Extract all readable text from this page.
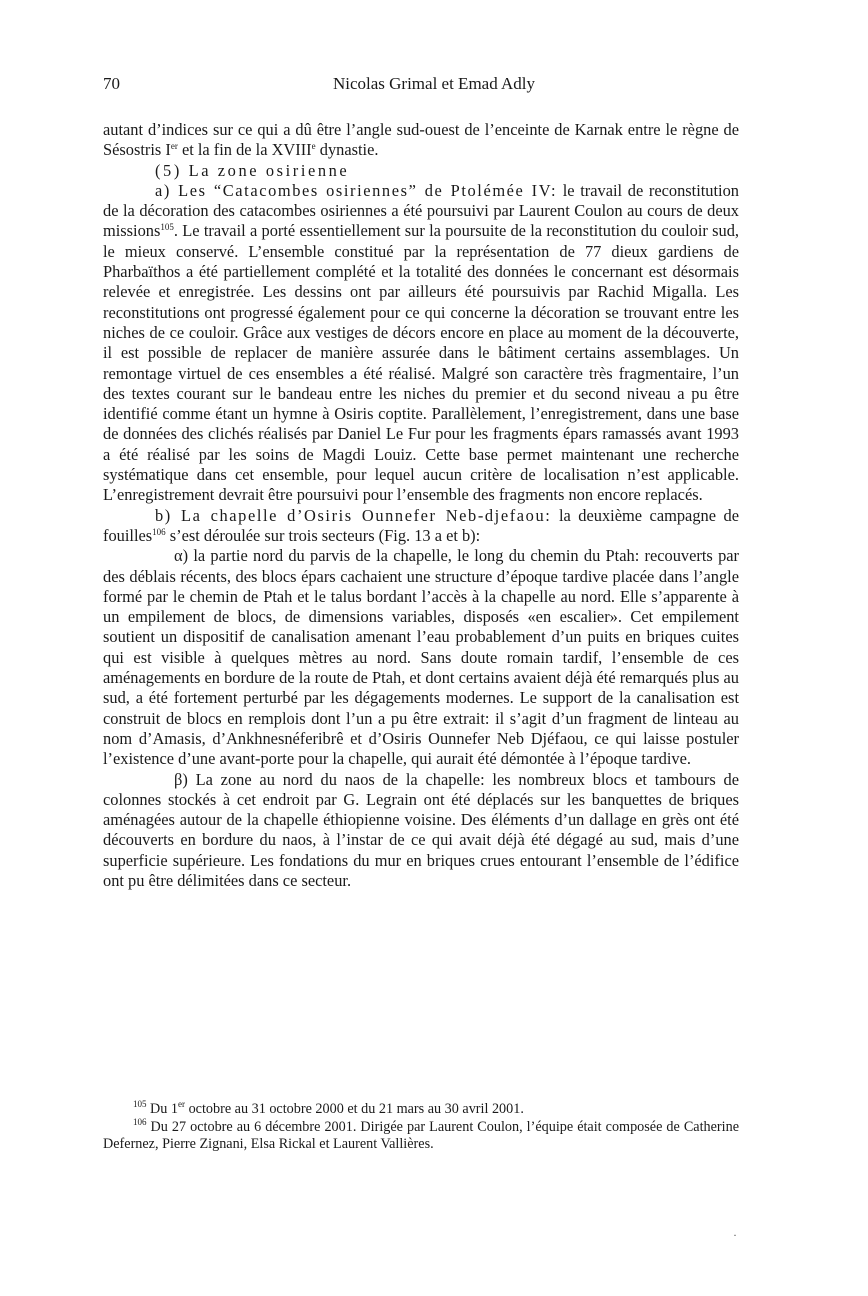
70	Nicolas Grimal et Emad Adly

autant d’indices sur ce qui a dû être l’angle sud-ouest de l’enceinte de Karnak entre le règne de Sésostris Ier et la fin de la XVIIIe dynastie.

(5) La zone osirienne

a) Les “Catacombes osiriennes” de Ptolémée IV: le travail de reconstitution de la décoration des catacombes osiriennes a été poursuivi par Laurent Coulon au cours de deux missions$^{105}$. Le travail a porté essentiellement sur la poursuite de la reconstitution du couloir sud, le mieux conservé. L’ensemble constitué par la représentation de 77 dieux gardiens de Pharbaïthos a été partiellement complété et la totalité des données le concernant est désormais relevée et enregistrée. Les dessins ont par ailleurs été poursuivis par Rachid Migalla. Les reconstitutions ont progressé également pour ce qui concerne la décoration se trouvant entre les niches de ce couloir. Grâce aux vestiges de décors encore en place au moment de la découverte, il est possible de replacer de manière assurée dans le bâtiment certains assemblages. Un remontage virtuel de ces ensembles a été réalisé. Malgré son caractère très fragmentaire, l’un des textes courant sur le bandeau entre les niches du premier et du second niveau a pu être identifié comme étant un hymne à Osiris coptite. Parallèlement, l’enregistrement, dans une base de données des clichés réalisés par Daniel Le Fur pour les fragments épars ramassés avant 1993 a été réalisé par les soins de Magdi Louiz. Cette base permet maintenant une recherche systématique dans cet ensemble, pour lequel aucun critère de localisation n’est applicable. L’enregistrement devrait être poursuivi pour l’ensemble des fragments non encore replacés.

b) La chapelle d’Osiris Ounnefer Neb-djefaou: la deuxième campagne de fouilles$^{106}$ s’est déroulée sur trois secteurs (Fig. 13 a et b):

α) la partie nord du parvis de la chapelle, le long du chemin du Ptah: recouverts par des déblais récents, des blocs épars cachaient une structure d’époque tardive placée dans l’angle formé par le chemin de Ptah et le talus bordant l’accès à la chapelle au nord. Elle s’apparente à un empilement de blocs, de dimensions variables, disposés «en escalier». Cet empilement soutient un dispositif de canalisation amenant l’eau probablement d’un puits en briques cuites qui est visible à quelques mètres au nord. Sans doute romain tardif, l’ensemble de ces aménagements en bordure de la route de Ptah, et dont certains avaient déjà été remarqués plus au sud, a été fortement perturbé par les dégagements modernes. Le support de la canalisation est construit de blocs en remplois dont l’un a pu être extrait: il s’agit d’un fragment de linteau au nom d’Amasis, d’Ankhnesnéferibrê et d’Osiris Ounnefer Neb Djéfaou, ce qui laisse postuler l’existence d’une avant-porte pour la chapelle, qui aurait été démontée à l’époque tardive.

β) La zone au nord du naos de la chapelle: les nombreux blocs et tambours de colonnes stockés à cet endroit par G. Legrain ont été déplacés sur les banquettes de briques aménagées autour de la chapelle éthiopienne voisine. Des éléments d’un dallage en grès ont été découverts en bordure du naos, à l’instar de ce qui avait déjà été dégagé au sud, mais d’une superficie supérieure. Les fondations du mur en briques crues entourant l’ensemble de l’édifice ont pu être délimitées dans ce secteur.

$^{105}$ Du 1er octobre au 31 octobre 2000 et du 21 mars au 30 avril 2001.

$^{106}$ Du 27 octobre au 6 décembre 2001. Dirigée par Laurent Coulon, l’équipe était composée de Catherine Defernez, Pierre Zignani, Elsa Rickal et Laurent Vallières.

·
